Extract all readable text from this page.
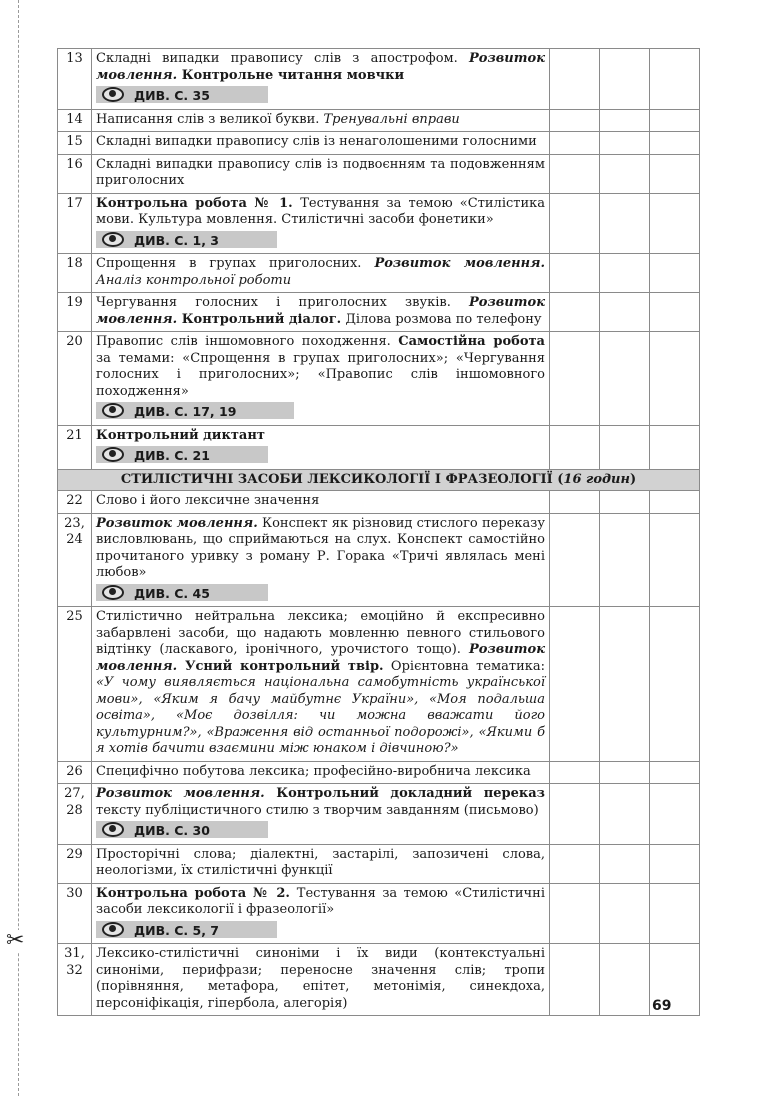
✂
13	Складні випадки правопису слів з апострофом. Розвиток мовлення. Контрольне читання мовчки
ДИВ. С. 35			
14	Написання слів з великої букви. Тренувальні вправи			
15	Складні випадки правопису слів із ненаголошеними голосними			
16	Складні випадки правопису слів із подвоєнням та подовженням приголосних			
17	Контрольна робота № 1. Тестування за темою «Стилістика мови. Культура мовлення. Стилістичні засоби фонетики»
ДИВ. С. 1, 3			
18	Спрощення в групах приголосних. Розвиток мовлення. Аналіз контрольної роботи			
19	Чергування голосних і приголосних звуків. Розвиток мовлення. Контрольний діалог. Ділова розмова по телефону			
20	Правопис слів іншомовного походження. Самостійна робота за темами: «Спрощення в групах приголосних»; «Чергування голосних і приголосних»; «Правопис слів іншомовного походження»
ДИВ. С. 17, 19			
21	Контрольний диктант
ДИВ. С. 21			
СТИЛІСТИЧНІ ЗАСОБИ ЛЕКСИКОЛОГІЇ І ФРАЗЕОЛОГІЇ (16 годин)				
22	Слово і його лексичне значення			
23,
24	Розвиток мовлення. Конспект як різновид стислого переказу висловлювань, що сприймаються на слух. Конспект самостійно прочитаного уривку з роману Р. Горака «Тричі являлась мені любов»
ДИВ. С. 45			
25	Стилістично нейтральна лексика; емоційно й експресивно забарвлені засоби, що надають мовленню певного стильового відтінку (ласкавого, іронічного, урочистого тощо). Розвиток мовлення. Усний контрольний твір. Орієнтовна тематика: «У чому виявляється національна самобутність української мови», «Яким я бачу майбутнє України», «Моя подальша освіта», «Моє дозвілля: чи можна вважати його культурним?», «Враження від останньої подорожі», «Якими б я хотів бачити взаємини між юнаком і дівчиною?»			
26	Специфічно побутова лексика; професійно-виробнича лексика			
27,
28	Розвиток мовлення. Контрольний докладний переказ тексту публіцистичного стилю з творчим завданням (письмово)
ДИВ. С. 30			
29	Просторічні слова; діалектні, застарілі, запозичені слова, неологізми, їх стилістичні функції			
30	Контрольна робота № 2. Тестування за темою «Стилістичні засоби лексикології і фразеології»
ДИВ. С. 5, 7			
31,
32	Лексико-стилістичні синоніми і їх види (контекстуальні синоніми, перифрази; переносне значення слів; тропи (порівняння, метафора, епітет, метонімія, синекдоха, персоніфікація, гіпербола, алегорія)				69
